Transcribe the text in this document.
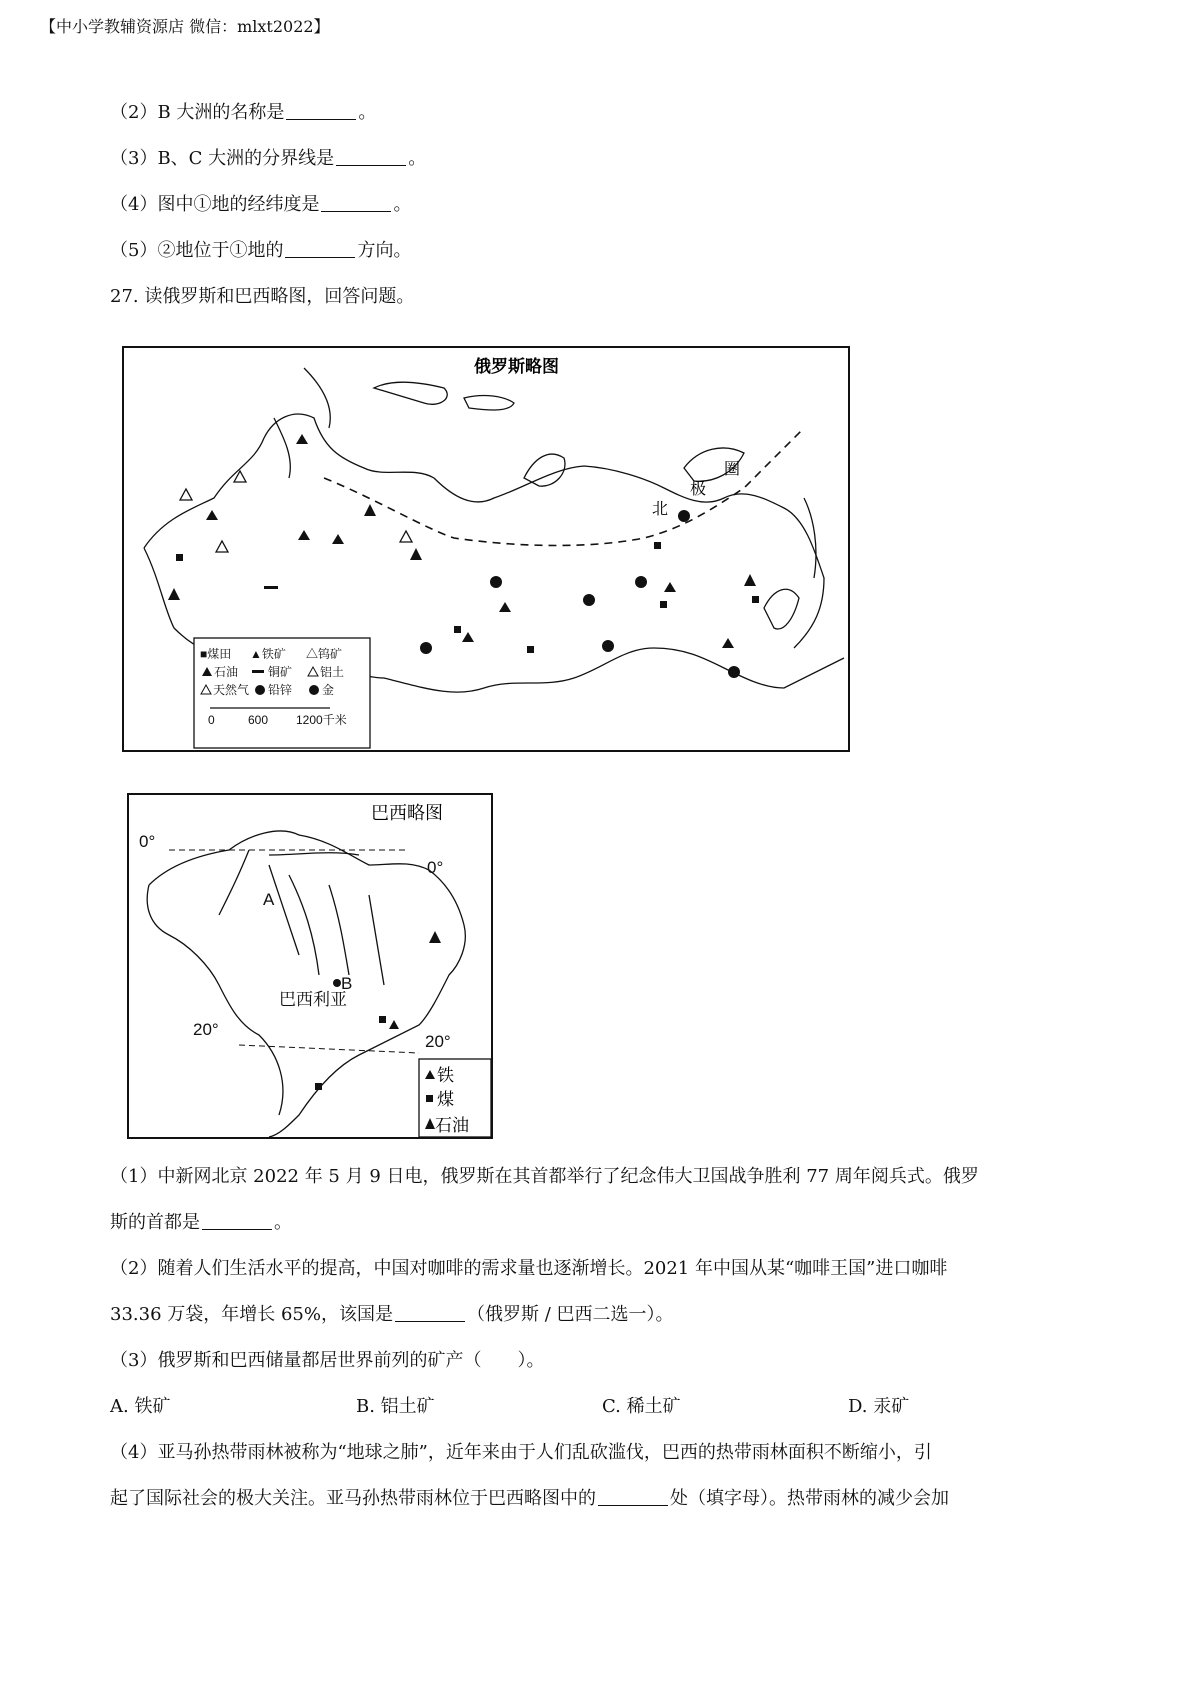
【中小学教辅资源店 微信：mlxt2022】
（2）B 大洲的名称是	。
（3）B、C 大洲的分界线是	。
（4）图中①地的经纬度是	。
（5）②地位于①地的	方向。
27. 读俄罗斯和巴西略图，回答问题。
圈
极
北
俄罗斯略图
■煤田 ▲铁矿 △钨矿
石油 铜矿 铝土
天然气 铅锌 金
0	600 1200千米
巴西略图
0°
0°
20°
20°
A
B
巴西利亚
铁
煤
石油
（1）中新网北京 2022 年 5 月 9 日电，俄罗斯在其首都举行了纪念伟大卫国战争胜利 77 周年阅兵式。俄罗
斯的首都是	。
（2）随着人们生活水平的提高，中国对咖啡的需求量也逐渐增长。2021 年中国从某“咖啡王国”进口咖啡
33.36 万袋，年增长 65%，该国是	（俄罗斯 / 巴西二选一）。
（3）俄罗斯和巴西储量都居世界前列的矿产（　　）。
A. 铁矿	B. 铝土矿	C. 稀土矿	D. 汞矿
（4）亚马孙热带雨林被称为“地球之肺”，近年来由于人们乱砍滥伐，巴西的热带雨林面积不断缩小，引
起了国际社会的极大关注。亚马孙热带雨林位于巴西略图中的	处（填字母）。热带雨林的减少会加
